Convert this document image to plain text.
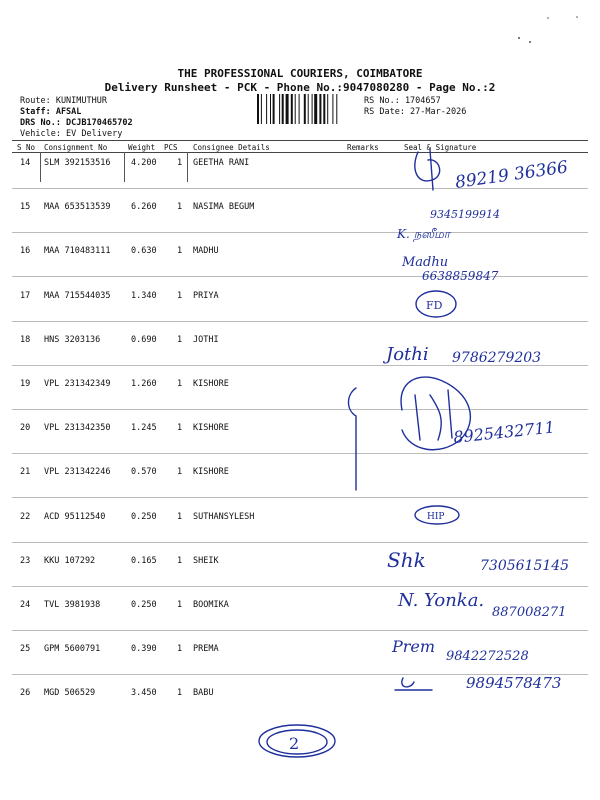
THE PROFESSIONAL COURIERS, COIMBATORE
Delivery Runsheet - PCK - Phone No.:9047080280 - Page No.:2
Route: KUNIMUTHUR
Staff: AFSAL
DRS No.: DCJB170465702
Vehicle: EV Delivery
RS No.: 1704657
RS Date: 27-Mar-2026
S No Consignment No	Weight PCS Consignee Details	Remarks	Seal & Signature
14 SLM 392153516 4.200 1 GEETHA RANI
15 MAA 653513539 6.260 1 NASIMA BEGUM
16 MAA 710483111 0.630 1 MADHU
17 MAA 715544035 1.340 1 PRIYA
18 HNS 3203136	0.690 1 JOTHI
19 VPL 231342349 1.260 1 KISHORE
20 VPL 231342350 1.245 1 KISHORE
21 VPL 231342246 0.570 1 KISHORE
22 ACD 95112540	0.250 1 SUTHANSYLESH
23 KKU 107292	0.165 1 SHEIK
24 TVL 3981938	0.250 1 BOOMIKA
25 GPM 5600791	0.390 1 PREMA
26 MGD 506529	3.450 1 BABU
89219 36366
9345199914
K. நஸீமா
Madhu
6638859847
FD
Jothi 9786279203
8925432711
HIP
Shk	7305615145
N. Yonka.
887008271
Prem
9842272528
9894578473
2
